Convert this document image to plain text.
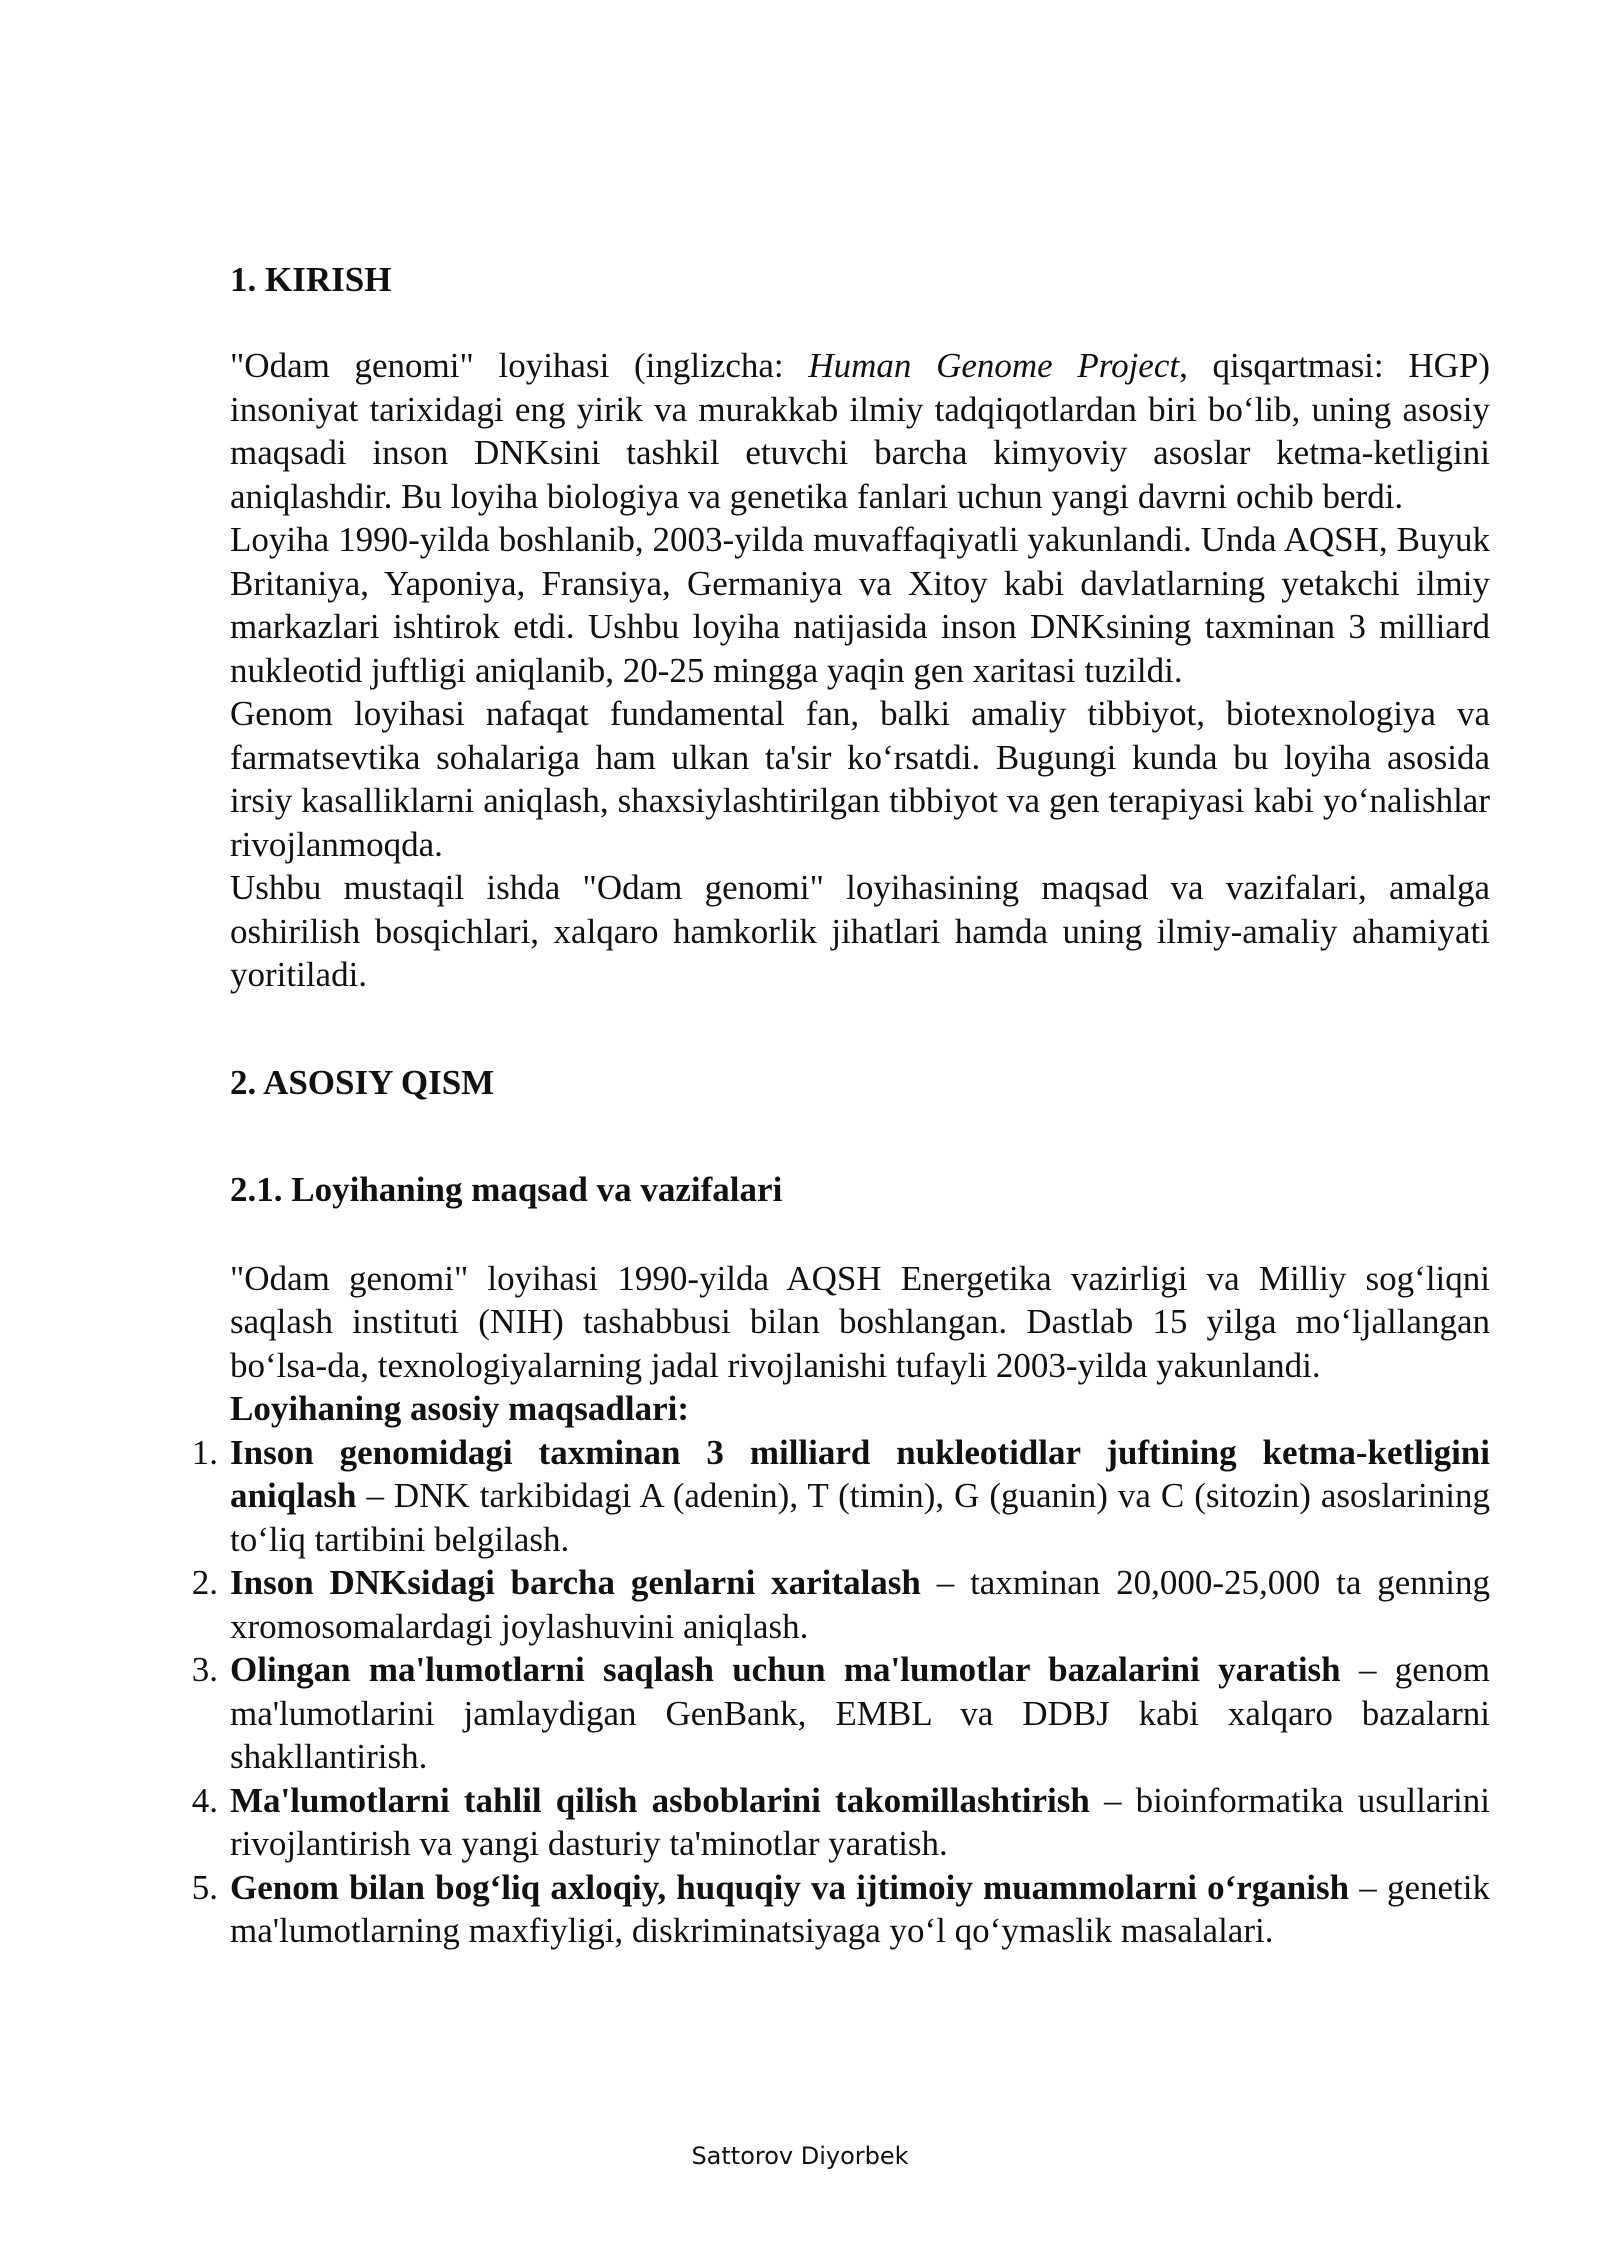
1. KIRISH

"Odam genomi" loyihasi (inglizcha: Human Genome Project, qisqartmasi: HGP) insoniyat tarixidagi eng yirik va murakkab ilmiy tadqiqotlardan biri bo‘lib, uning asosiy maqsadi inson DNKsini tashkil etuvchi barcha kimyoviy asoslar ketma-ketligini aniqlashdir. Bu loyiha biologiya va genetika fanlari uchun yangi davrni ochib berdi.

Loyiha 1990-yilda boshlanib, 2003-yilda muvaffaqiyatli yakunlandi. Unda AQSH, Buyuk Britaniya, Yaponiya, Fransiya, Germaniya va Xitoy kabi davlatlarning yetakchi ilmiy markazlari ishtirok etdi. Ushbu loyiha natijasida inson DNKsining taxminan 3 milliard nukleotid juftligi aniqlanib, 20-25 mingga yaqin gen xaritasi tuzildi.

Genom loyihasi nafaqat fundamental fan, balki amaliy tibbiyot, biotexnologiya va farmatsevtika sohalariga ham ulkan ta'sir ko‘rsatdi. Bugungi kunda bu loyiha asosida irsiy kasalliklarni aniqlash, shaxsiylashtirilgan tibbiyot va gen terapiyasi kabi yo‘nalishlar rivojlanmoqda.

Ushbu mustaqil ishda "Odam genomi" loyihasining maqsad va vazifalari, amalga oshirilish bosqichlari, xalqaro hamkorlik jihatlari hamda uning ilmiy-amaliy ahamiyati yoritiladi.

2. ASOSIY QISM
2.1. Loyihaning maqsad va vazifalari

"Odam genomi" loyihasi 1990-yilda AQSH Energetika vazirligi va Milliy sog‘liqni saqlash instituti (NIH) tashabbusi bilan boshlangan. Dastlab 15 yilga mo‘ljallangan bo‘lsa-da, texnologiyalarning jadal rivojlanishi tufayli 2003-yilda yakunlandi.

Loyihaning asosiy maqsadlari:

1. Inson genomidagi taxminan 3 milliard nukleotidlar juftining ketma-ketligini aniqlash – DNK tarkibidagi A (adenin), T (timin), G (guanin) va C (sitozin) asoslarining to‘liq tartibini belgilash.
2. Inson DNKsidagi barcha genlarni xaritalash – taxminan 20,000-25,000 ta genning xromosomalardagi joylashuvini aniqlash.
3. Olingan ma'lumotlarni saqlash uchun ma'lumotlar bazalarini yaratish – genom ma'lumotlarini jamlaydigan GenBank, EMBL va DDBJ kabi xalqaro bazalarni shakllantirish.
4. Ma'lumotlarni tahlil qilish asboblarini takomillashtirish – bioinformatika usullarini rivojlantirish va yangi dasturiy ta'minotlar yaratish.
5. Genom bilan bog‘liq axloqiy, huquqiy va ijtimoiy muammolarni o‘rganish – genetik ma'lumotlarning maxfiyligi, diskriminatsiyaga yo‘l qo‘ymaslik masalalari.
Sattorov Diyorbek
